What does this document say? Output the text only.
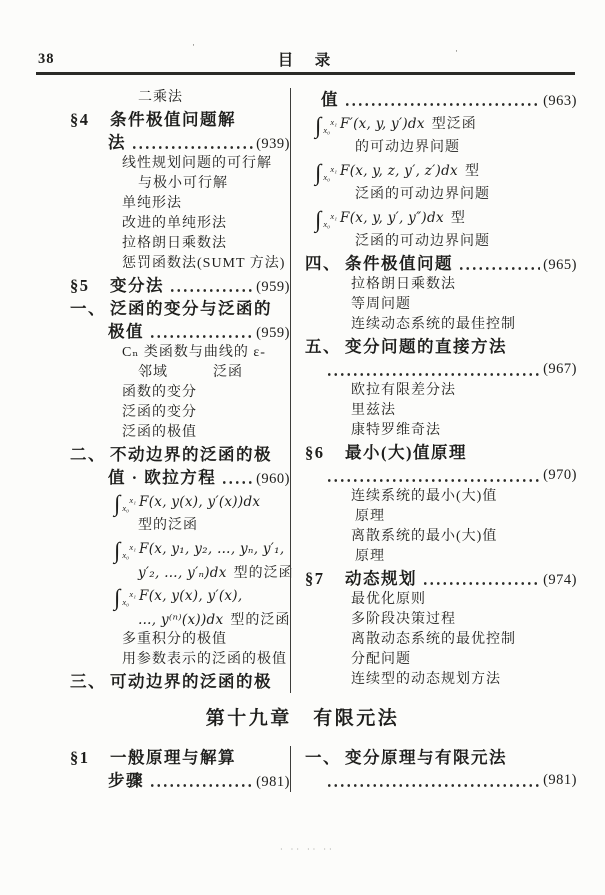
38	目　录
二乘法
§4	条件极值问题解
法	(939)
线性规划问题的可行解
与极小可行解
单纯形法
改进的单纯形法
拉格朗日乘数法
惩罚函数法(SUMT 方法)
§5	变分法	(959)
一、 泛函的变分与泛函的
极值	(959)
Cₙ 类函数与曲线的 ε-
邻域　　　泛函
函数的变分
泛函的变分
泛函的极值
二、 不动边界的泛函的极
值 · 欧拉方程	(960)
∫ x₁
x₀ F(x, y(x), y′(x))dx
型的泛函
∫ x₁
x₀ F(x, y₁, y₂, …, yₙ, y′₁,
y′₂, …, y′ₙ)dx 型的泛函
∫ x₁
x₀ F(x, y(x), y′(x),
…, y⁽ⁿ⁾(x))dx 型的泛函
多重积分的极值
用参数表示的泛函的极值
三、 可动边界的泛函的极
值	(963)
∫ x₁
x₀ F′(x, y, y′)dx 型泛函
的可动边界问题
∫ x₁
x₀ F(x, y, z, y′, z′)dx 型
泛函的可动边界问题
∫ x₁
x₀ F(x, y, y′, y″)dx 型
泛函的可动边界问题
四、 条件极值问题	(965)
拉格朗日乘数法
等周问题
连续动态系统的最佳控制
五、 变分问题的直接方法
(967)
欧拉有限差分法
里兹法
康特罗维奇法
§6	最小(大)值原理
(970)
连续系统的最小(大)值
原理
离散系统的最小(大)值
原理
§7	动态规划	(974)
最优化原则
多阶段决策过程
离散动态系统的最优控制
分配问题
连续型的动态规划方法
第十九章　有限元法
§1	一般原理与解算
步骤	(981)
一、 变分原理与有限元法
(981)
· ·· ·· ··
·
·
